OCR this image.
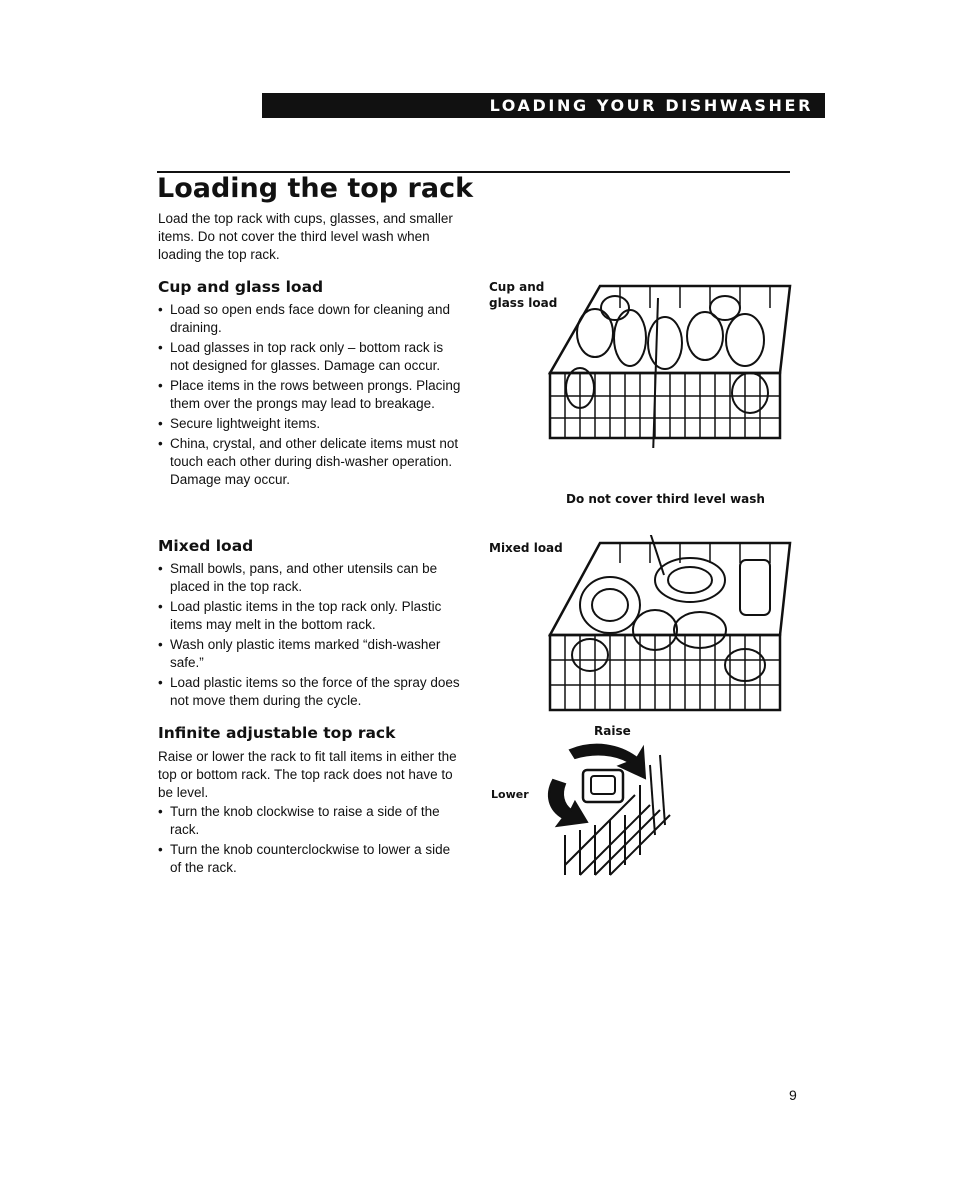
LOADING YOUR DISHWASHER
Loading the top rack
Load the top rack with cups, glasses, and smaller items. Do not cover the third level wash when loading the top rack.
Cup and glass load
• Load so open ends face down for cleaning and draining.
• Load glasses in top rack only – bottom rack is not designed for glasses. Damage can occur.
• Place items in the rows between prongs. Placing them over the prongs may lead to breakage.
• Secure lightweight items.
• China, crystal, and other delicate items must not touch each other during dish-washer operation. Damage may occur.
Mixed load
• Small bowls, pans, and other utensils can be placed in the top rack.
• Load plastic items in the top rack only. Plastic items may melt in the bottom rack.
• Wash only plastic items marked “dish-washer safe.”
• Load plastic items so the force of the spray does not move them during the cycle.
Infinite adjustable top rack
Raise or lower the rack to fit tall items in either the top or bottom rack. The top rack does not have to be level.
• Turn the knob clockwise to raise a side of the rack.
• Turn the knob counterclockwise to lower a side of the rack.
Cup and glass load
Do not cover third level wash
Mixed load
Raise
Lower
9
